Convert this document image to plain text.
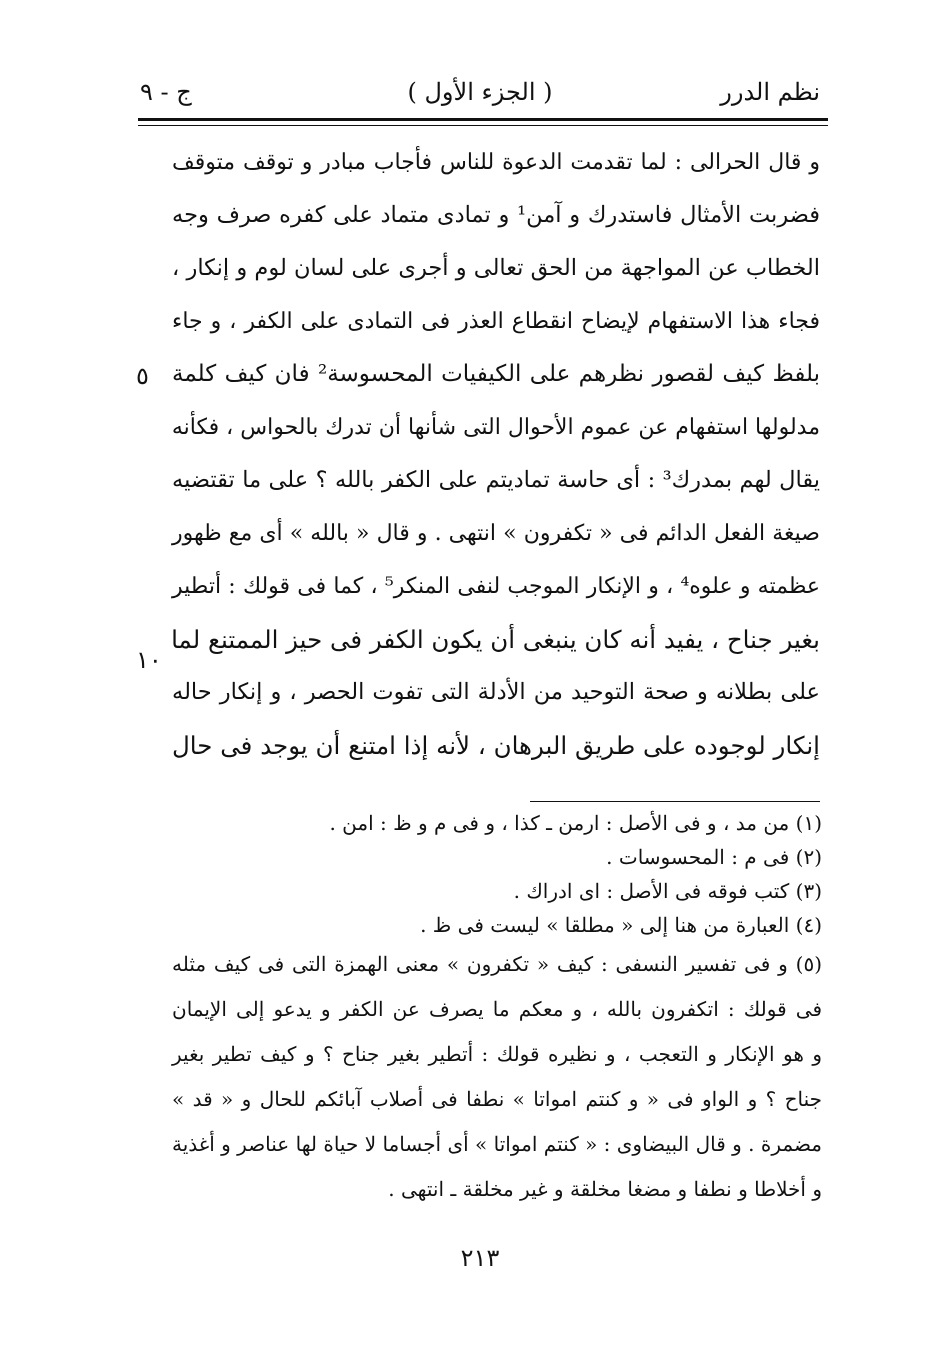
نظم الدرر
( الجزء الأول )
ج - ٩
و قال الحرالى : لما تقدمت الدعوة للناس فأجاب مبادر و توقف متوقف
فضربت الأمثال فاستدرك و آمن¹ و تمادى متماد على كفره صرف وجه
الخطاب عن المواجهة من الحق تعالى و أجرى على لسان لوم و إنكار ،
فجاء هذا الاستفهام لإيضاح انقطاع العذر فى التمادى على الكفر ، و جاء
بلفظ كيف لقصور نظرهم على الكيفيات المحسوسة² فان كيف كلمة
مدلولها استفهام عن عموم الأحوال التى شأنها أن تدرك بالحواس ، فكأنه
يقال لهم بمدرك³ : أى حاسة تماديتم على الكفر بالله ؟ على ما تقتضيه
صيغة الفعل الدائم فى « تكفرون » انتهى . و قال « بالله » أى مع ظهور
عظمته و علوه⁴ ، و الإنكار الموجب لنفى المنكر⁵ ، كما فى قولك : أتطير
بغير جناح ، يفيد أنه كان ينبغى أن يكون الكفر فى حيز الممتنع لما
على بطلانه و صحة التوحيد من الأدلة التى تفوت الحصر ، و إنكار حاله
إنكار لوجوده على طريق البرهان ، لأنه إذا امتنع أن يوجد فى حال
٥
١٠
(١) من مد ، و فى الأصل : ارمن ـ كذا ، و فى م و ظ : امن .
(٢) فى م : المحسوسات .
(٣) كتب فوقه فى الأصل : اى ادراك .
(٤) العبارة من هنا إلى « مطلقا » ليست فى ظ .
(٥) و فى تفسير النسفى : كيف « تكفرون » معنى الهمزة التى فى كيف مثله
فى قولك : اتكفرون بالله ، و معكم ما يصرف عن الكفر و يدعو إلى الإيمان
و هو الإنكار و التعجب ، و نظيره قولك : أتطير بغير جناح ؟ و كيف تطير بغير
جناح ؟ و الواو فى « و كنتم امواتا » نطفا فى أصلاب آبائكم للحال و « قد »
مضمرة . و قال البيضاوى : « كنتم امواتا » أى أجساما لا حياة لها عناصر و أغذية
و أخلاطا و نطفا و مضغا مخلقة و غير مخلقة ـ انتهى .
٢١٣
